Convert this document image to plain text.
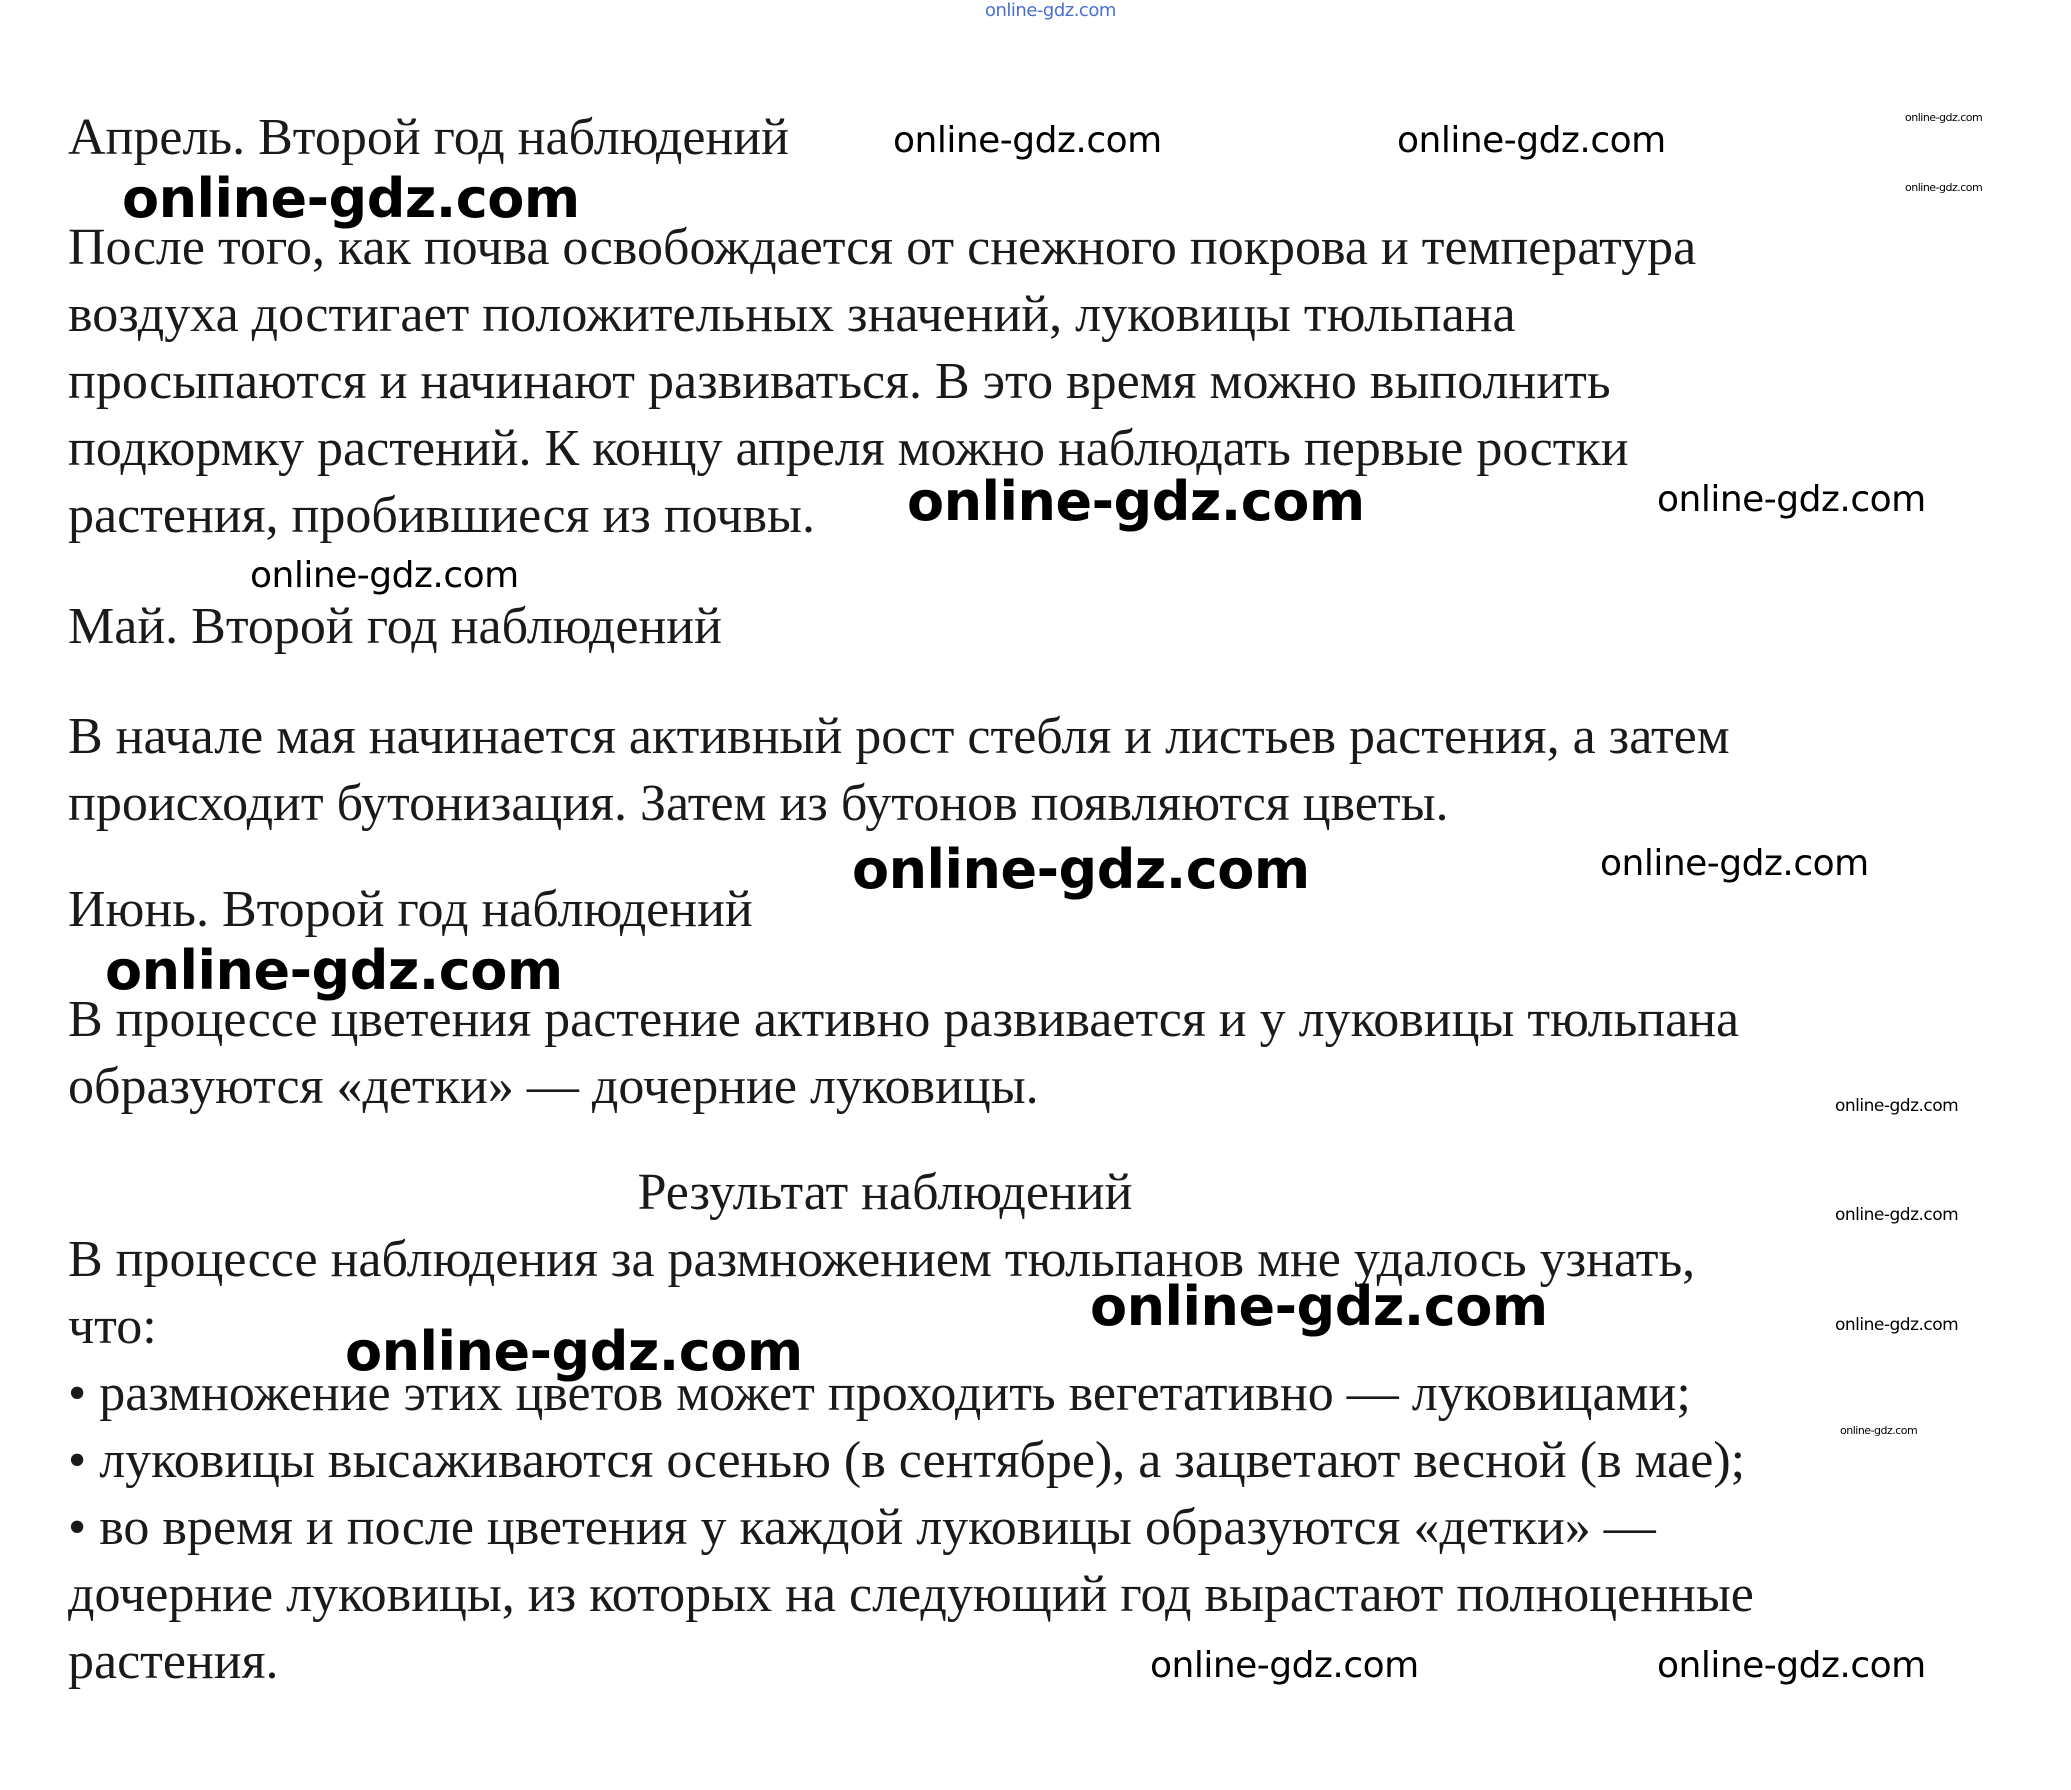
online-gdz.com

Апрель. Второй год наблюдений

После того, как почва освобождается от снежного покрова и температура

воздуха достигает положительных значений, луковицы тюльпана

просыпаются и начинают развиваться. В это время можно выполнить

подкормку растений. К концу апреля можно наблюдать первые ростки

растения, пробившиеся из почвы.

Май. Второй год наблюдений

В начале мая начинается активный рост стебля и листьев растения, а затем

происходит бутонизация. Затем из бутонов появляются цветы.

Июнь. Второй год наблюдений

В процессе цветения растение активно развивается и у луковицы тюльпана

образуются «детки» — дочерние луковицы.

Результат наблюдений

В процессе наблюдения за размножением тюльпанов мне удалось узнать,

что:

• размножение этих цветов может проходить вегетативно — луковицами;

• луковицы высаживаются осенью (в сентябре), а зацветают весной (в мае);

• во время и после цветения у каждой луковицы образуются «детки» —

дочерние луковицы, из которых на следующий год вырастают полноценные

растения.

online-gdz.com	online-gdz.com
online-gdz.com
online-gdz.com
online-gdz.com
online-gdz.com	online-gdz.com
online-gdz.com
online-gdz.com	online-gdz.com
online-gdz.com
online-gdz.com
online-gdz.com
online-gdz.com	online-gdz.com
online-gdz.com
online-gdz.com
online-gdz.com	online-gdz.com
